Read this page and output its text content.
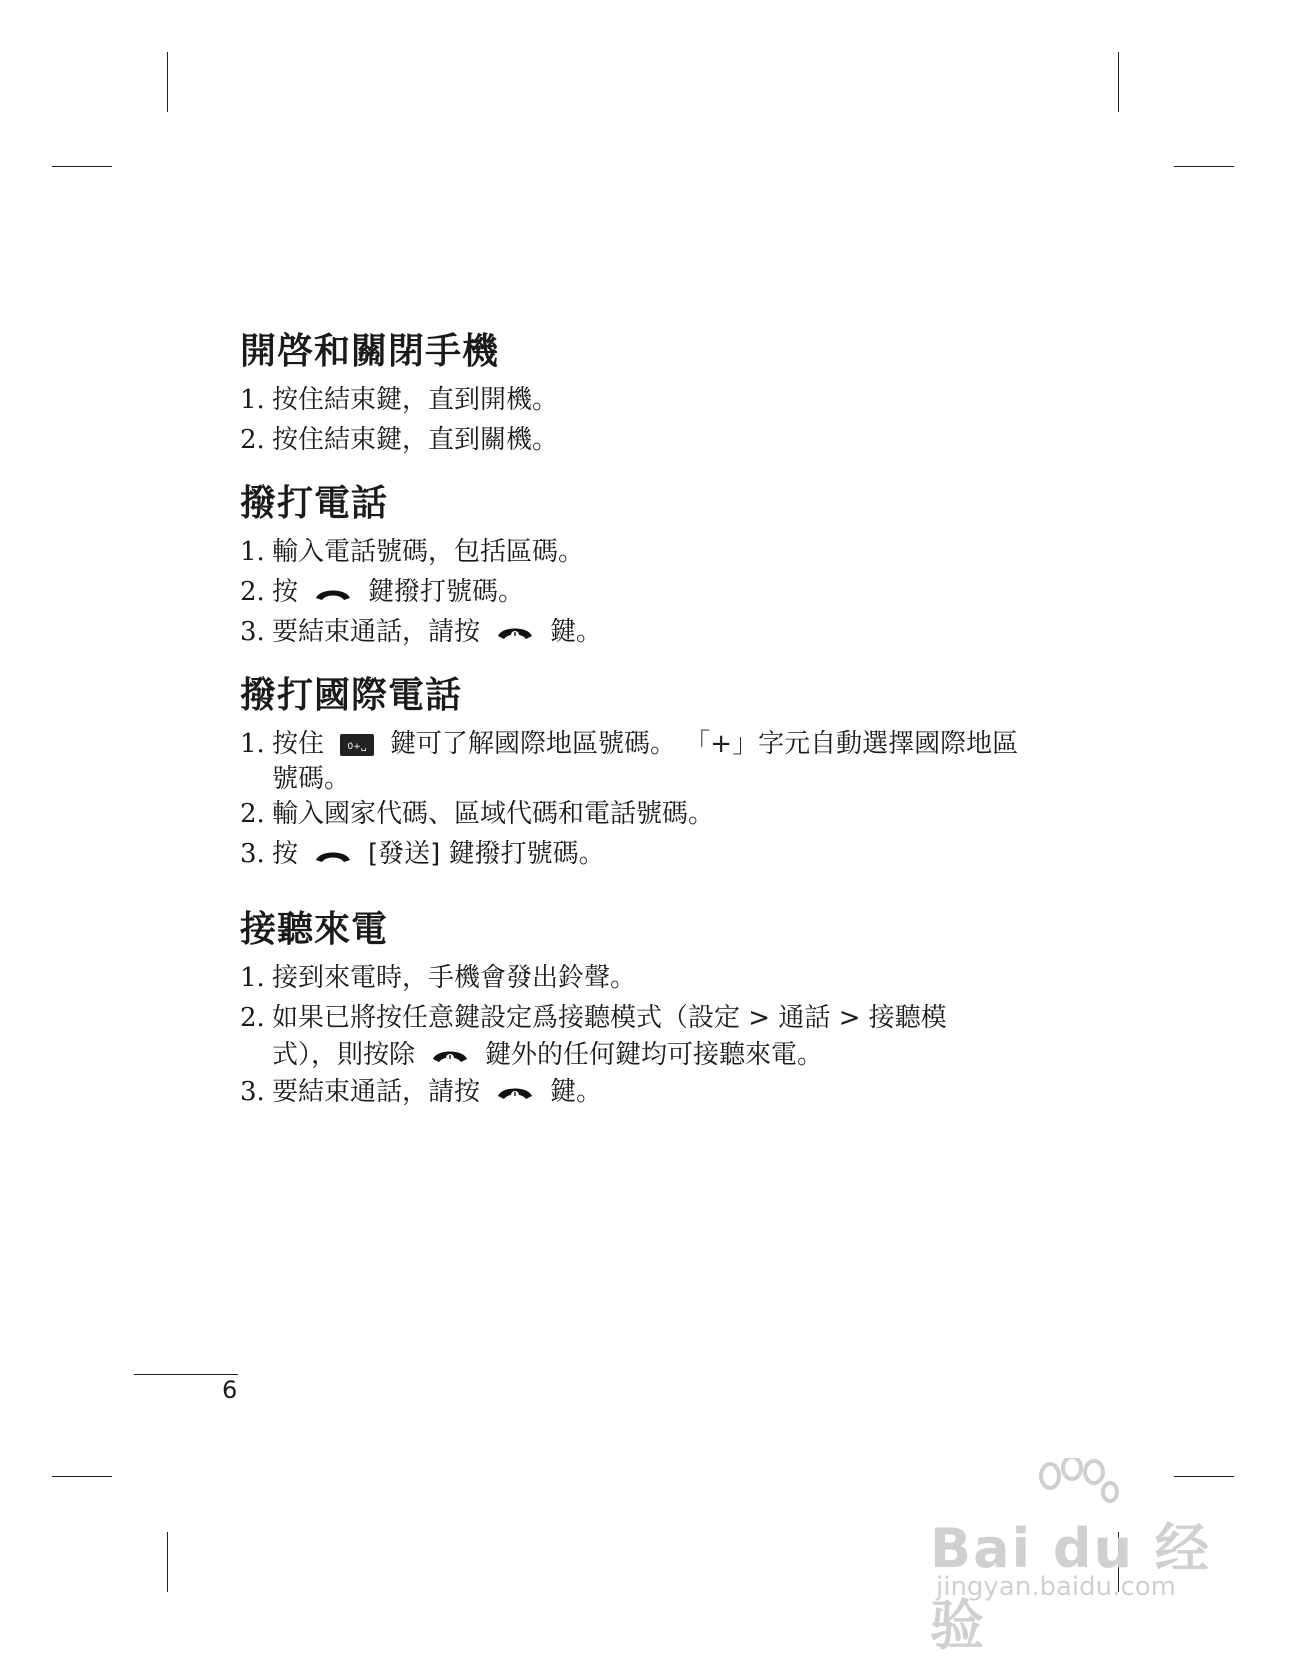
開啓和關閉手機
1. 按住結束鍵，直到開機。
2. 按住結束鍵，直到關機。
撥打電話
1. 輸入電話號碼，包括區碼。
2. 按	鍵撥打號碼。
3. 要結束通話，請按	鍵。
撥打國際電話
1. 按住	0+␣ 鍵可了解國際地區號碼。 「+」字元自動選擇國際地區
號碼。
2. 輸入國家代碼、區域代碼和電話號碼。
3. 按	[發送] 鍵撥打號碼。
接聽來電
1. 接到來電時，手機會發出鈴聲。
2. 如果已將按任意鍵設定爲接聽模式（設定 > 通話 > 接聽模
式），則按除	鍵外的任何鍵均可接聽來電。
3. 要結束通話，請按	鍵。
6
Bai du 经验
jingyan.baidu.com
